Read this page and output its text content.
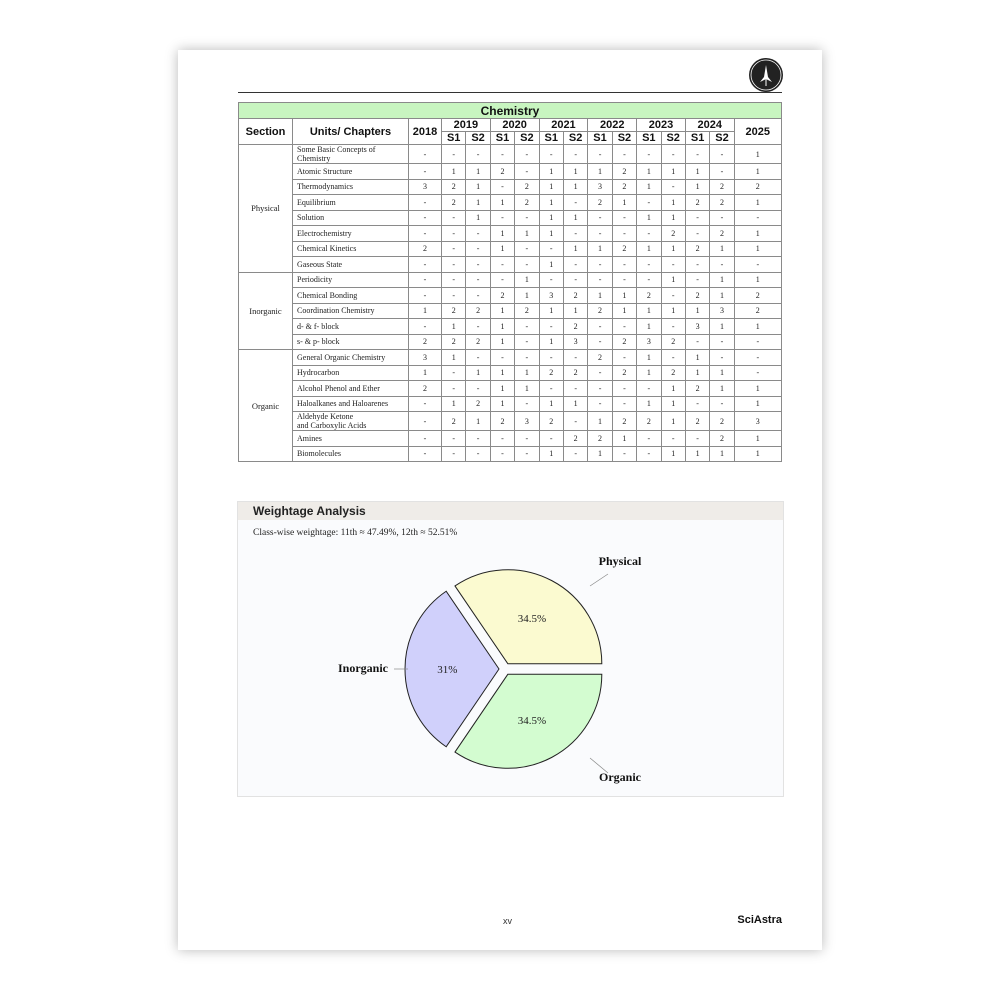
Chemistry															
Section	Units/ Chapters	2018	2019		2020		2021		2022		2023		2024		2025
			S1	S2	S1	S2	S1	S2	S1	S2	S1	S2	S1	S2	
Physical	Some Basic Concepts of Chemistry	-	-	-	-	-	-	-	-	-	-	-	-	-	1
	Atomic Structure	-	1	1	2	-	1	1	1	2	1	1	1	-	1
	Thermodynamics	3	2	1	-	2	1	1	3	2	1	-	1	2	2
	Equilibrium	-	2	1	1	2	1	-	2	1	-	1	2	2	1
	Solution	-	-	1	-	-	1	1	-	-	1	1	-	-	-
	Electrochemistry	-	-	-	1	1	1	-	-	-	-	2	-	2	1
	Chemical Kinetics	2	-	-	1	-	-	1	1	2	1	1	2	1	1
	Gaseous State	-	-	-	-	-	1	-	-	-	-	-	-	-	-
Inorganic	Periodicity	-	-	-	-	1	-	-	-	-	-	1	-	1	1
	Chemical Bonding	-	-	-	2	1	3	2	1	1	2	-	2	1	2
	Coordination Chemistry	1	2	2	1	2	1	1	2	1	1	1	1	3	2
	d- & f- block	-	1	-	1	-	-	2	-	-	1	-	3	1	1
	s- & p- block	2	2	2	1	-	1	3	-	2	3	2	-	-	-
Organic	General Organic Chemistry	3	1	-	-	-	-	-	2	-	1	-	1	-	-
	Hydrocarbon	1	-	1	1	1	2	2	-	2	1	2	1	1	-
	Alcohol Phenol and Ether	2	-	-	1	1	-	-	-	-	-	1	2	1	1
	Haloalkanes and Haloarenes	-	1	2	1	-	1	1	-	-	1	1	-	-	1
	Aldehyde Ketone
and Carboxylic Acids	-	2	1	2	3	2	-	1	2	2	1	2	2	3
	Amines	-	-	-	-	-	-	2	2	1	-	-	-	2	1
	Biomolecules	-	-	-	-	-	1	-	1	-	-	1	1	1	1
Weightage Analysis
Class-wise weightage: 11th ≈ 47.49%, 12th ≈ 52.51%
34.5%
Physical
34.5%
Organic
31%
Inorganic
xv	SciAstra
